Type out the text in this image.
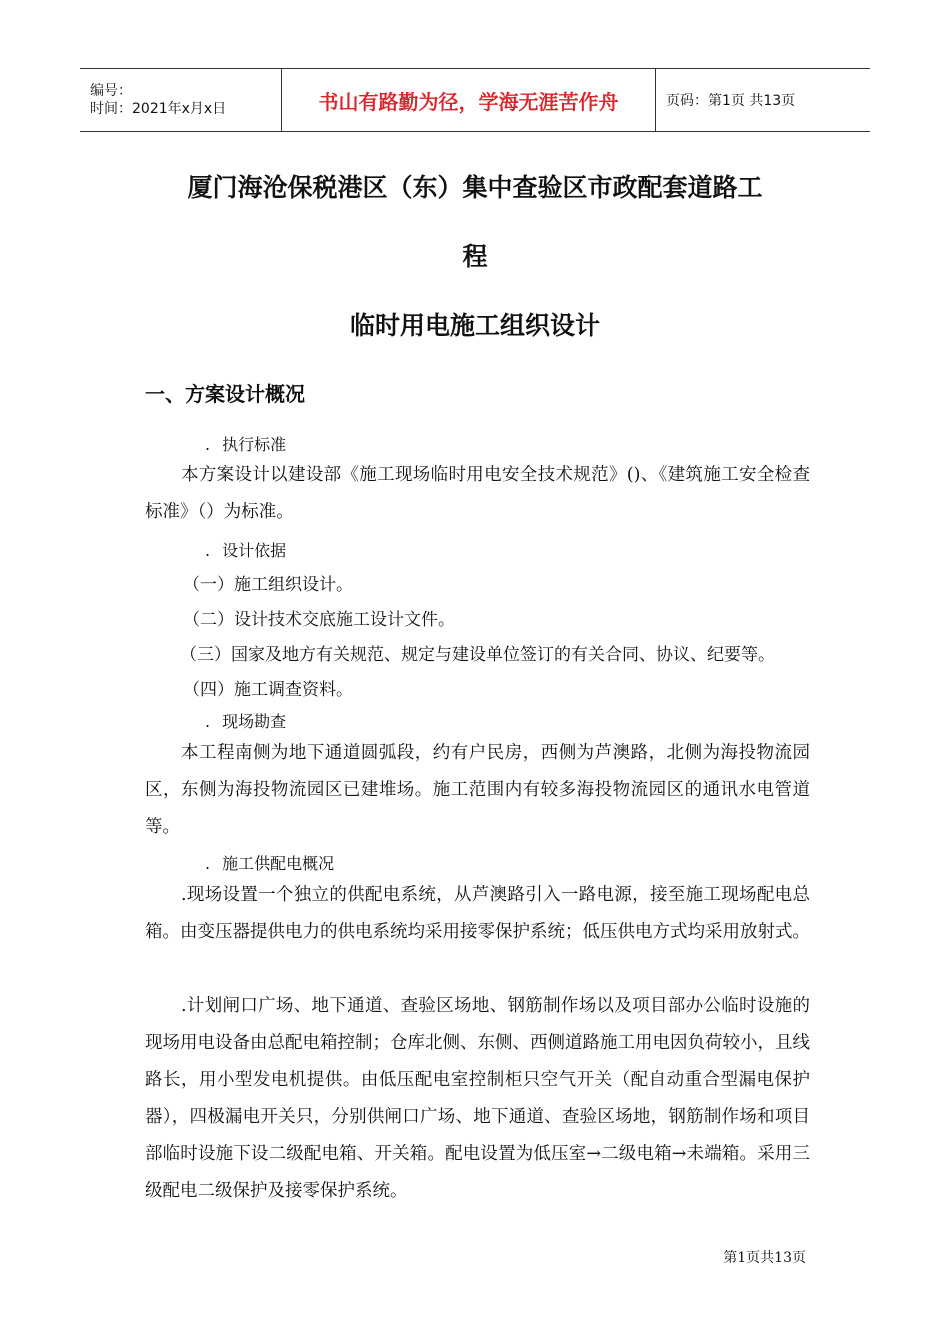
编号：
时间：2021年x月x日	书山有路勤为径，学海无涯苦作舟	页码：第1页 共13页
厦门海沧保税港区（东）集中查验区市政配套道路工
程
临时用电施工组织设计
一、方案设计概况
. 执行标准
本方案设计以建设部《施工现场临时用电安全技术规范》()、《建筑施工安全检查标准》（）为标准。
. 设计依据
（一）施工组织设计。
（二）设计技术交底施工设计文件。
（三）国家及地方有关规范、规定与建设单位签订的有关合同、协议、纪要等。
（四）施工调查资料。
. 现场勘查
本工程南侧为地下通道圆弧段，约有户民房，西侧为芦澳路，北侧为海投物流园区，东侧为海投物流园区已建堆场。施工范围内有较多海投物流园区的通讯水电管道等。
. 施工供配电概况
.现场设置一个独立的供配电系统，从芦澳路引入一路电源，接至施工现场配电总箱。由变压器提供电力的供电系统均采用接零保护系统；低压供电方式均采用放射式。
.计划闸口广场、地下通道、查验区场地、钢筋制作场以及项目部办公临时设施的现场用电设备由总配电箱控制；仓库北侧、东侧、西侧道路施工用电因负荷较小，且线路长，用小型发电机提供。由低压配电室控制柜只空气开关（配自动重合型漏电保护器），四极漏电开关只，分别供闸口广场、地下通道、查验区场地，钢筋制作场和项目部临时设施下设二级配电箱、开关箱。配电设置为低压室→二级电箱→未端箱。采用三级配电二级保护及接零保护系统。
第1页共13页
